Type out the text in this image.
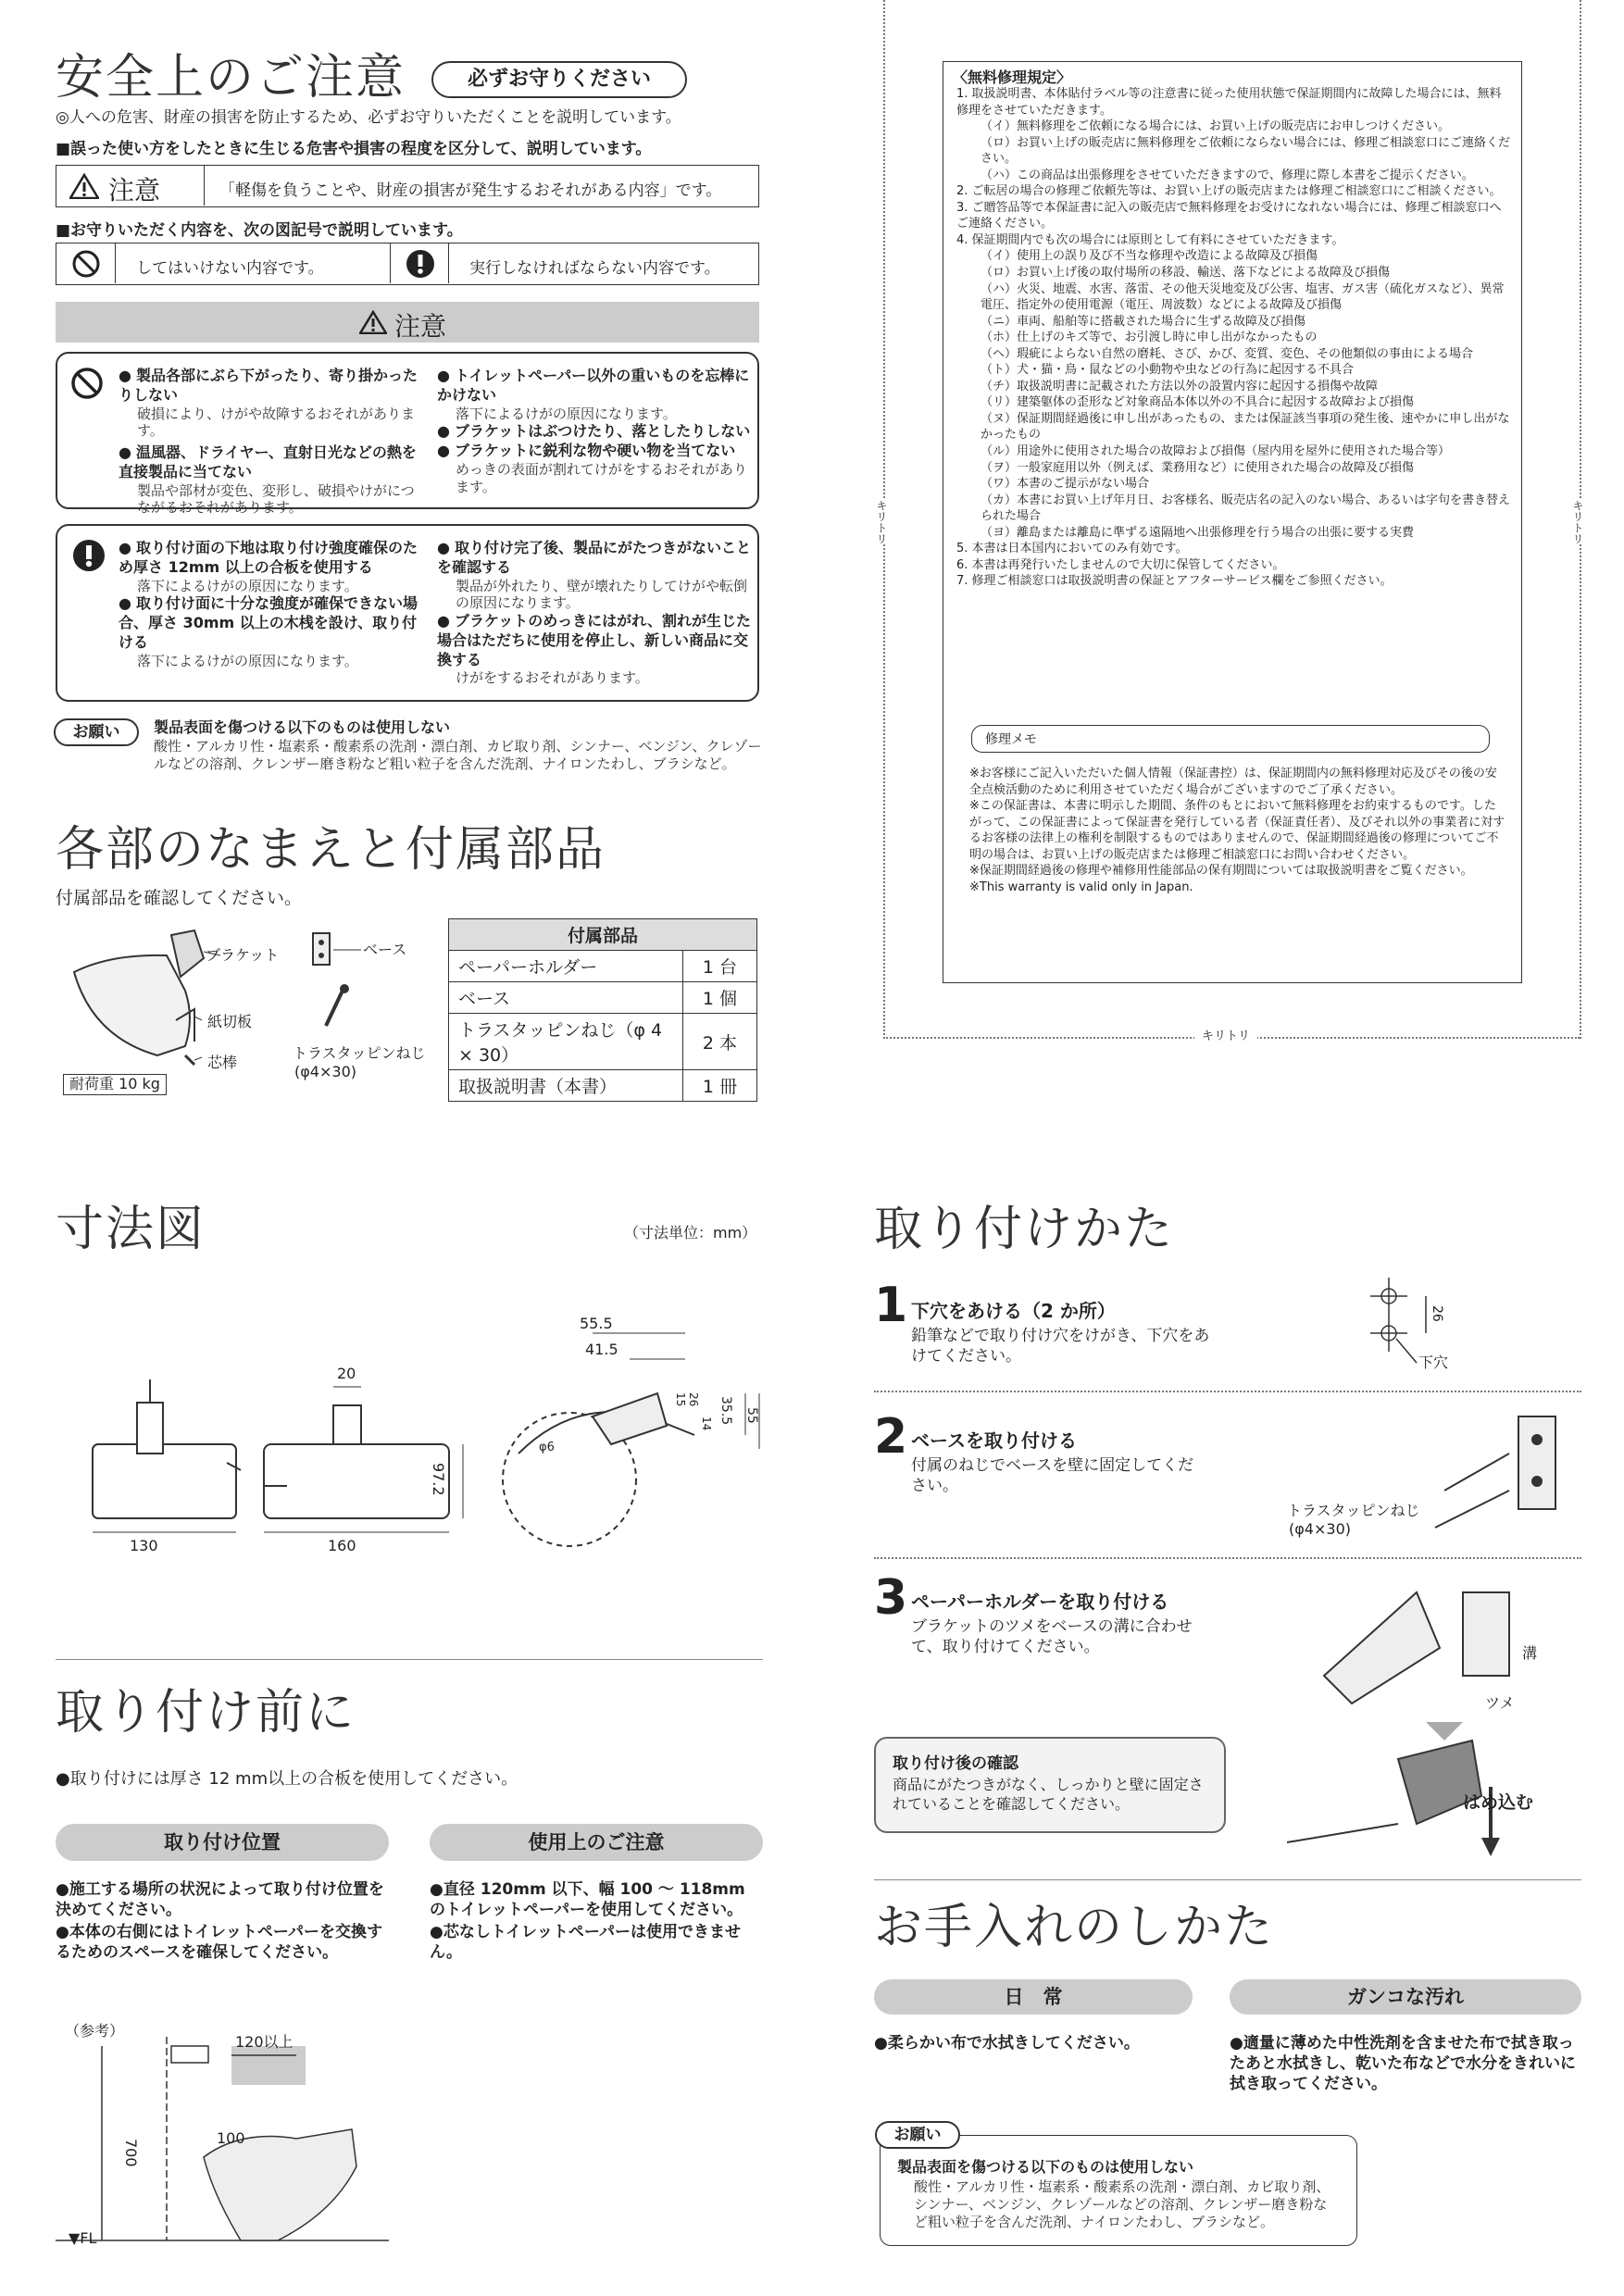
安全上のご注意	必ずお守りください
◎人への危害、財産の損害を防止するため、必ずお守りいただくことを説明しています。
■誤った使い方をしたときに生じる危害や損害の程度を区分して、説明しています。
注意	「軽傷を負うことや、財産の損害が発生するおそれがある内容」です。
■お守りいただく内容を、次の図記号で説明しています。
してはいけない内容です。	実行しなければならない内容です。
注意
● 製品各部にぶら下がったり、寄り掛かったりしない
破損により、けがや故障するおそれがあります。
● 温風器、ドライヤー、直射日光などの熱を直接製品に当てない
製品や部材が変色、変形し、破損やけがにつながるおそれがあります。
● トイレットペーパー以外の重いものを忘棒にかけない
落下によるけがの原因になります。
● ブラケットはぶつけたり、落としたりしない
● ブラケットに鋭利な物や硬い物を当てない
めっきの表面が割れてけがをするおそれがあります。
● 取り付け面の下地は取り付け強度確保のため厚さ 12mm 以上の合板を使用する
落下によるけがの原因になります。
● 取り付け面に十分な強度が確保できない場合、厚さ 30mm 以上の木桟を設け、取り付ける
落下によるけがの原因になります。
● 取り付け完了後、製品にがたつきがないことを確認する
製品が外れたり、壁が壊れたりしてけがや転倒の原因になります。
● ブラケットのめっきにはがれ、割れが生じた場合はただちに使用を停止し、新しい商品に交換する
けがをするおそれがあります。
お願い	製品表面を傷つける以下のものは使用しない
酸性・アルカリ性・塩素系・酸素系の洗剤・漂白剤、カビ取り剤、シンナー、ベンジン、クレゾールなどの溶剤、クレンザー磨き粉など粗い粒子を含んだ洗剤、ナイロンたわし、ブラシなど。
各部のなまえと付属部品
付属部品を確認してください。
ブラケット
紙切板
芯棒
ベース
トラスタッピンねじ
(φ4×30)
耐荷重 10 kg
付属部品	
ペーパーホルダー	1 台
ベース	1 個
トラスタッピンねじ（φ 4 × 30）	2 本
取扱説明書（本書）	1 冊
キリトリ
キリトリ	キリトリ
〈無料修理規定〉
1. 取扱説明書、本体貼付ラベル等の注意書に従った使用状態で保証期間内に故障した場合には、無料修理をさせていただきます。
（イ）無料修理をご依頼になる場合には、お買い上げの販売店にお申しつけください。
（ロ）お買い上げの販売店に無料修理をご依頼にならない場合には、修理ご相談窓口にご連絡ください。
（ハ）この商品は出張修理をさせていただきますので、修理に際し本書をご提示ください。
2. ご転居の場合の修理ご依頼先等は、お買い上げの販売店または修理ご相談窓口にご相談ください。
3. ご贈答品等で本保証書に記入の販売店で無料修理をお受けになれない場合には、修理ご相談窓口へご連絡ください。
4. 保証期間内でも次の場合には原則として有料にさせていただきます。
（イ）使用上の誤り及び不当な修理や改造による故障及び損傷
（ロ）お買い上げ後の取付場所の移設、輸送、落下などによる故障及び損傷
（ハ）火災、地震、水害、落雷、その他天災地変及び公害、塩害、ガス害（硫化ガスなど）、異常電圧、指定外の使用電源（電圧、周波数）などによる故障及び損傷
（ニ）車両、船舶等に搭載された場合に生ずる故障及び損傷
（ホ）仕上げのキズ等で、お引渡し時に申し出がなかったもの
（ヘ）瑕疵によらない自然の磨耗、さび、かび、変質、変色、その他類似の事由による場合
（ト）犬・猫・鳥・鼠などの小動物や虫などの行為に起因する不具合
（チ）取扱説明書に記載された方法以外の設置内容に起因する損傷や故障
（リ）建築躯体の歪形など対象商品本体以外の不具合に起因する故障および損傷
（ヌ）保証期間経過後に申し出があったもの、または保証該当事項の発生後、速やかに申し出がなかったもの
（ル）用途外に使用された場合の故障および損傷（屋内用を屋外に使用された場合等）
（ヲ）一般家庭用以外（例えば、業務用など）に使用された場合の故障及び損傷
（ワ）本書のご提示がない場合
（カ）本書にお買い上げ年月日、お客様名、販売店名の記入のない場合、あるいは字句を書き替えられた場合
（ヨ）離島または離島に準ずる遠隔地へ出張修理を行う場合の出張に要する実費
5. 本書は日本国内においてのみ有効です。
6. 本書は再発行いたしませんので大切に保管してください。
7. 修理ご相談窓口は取扱説明書の保証とアフターサービス欄をご参照ください。
修理メモ
※お客様にご記入いただいた個人情報（保証書控）は、保証期間内の無料修理対応及びその後の安全点検活動のために利用させていただく場合がございますのでご了承ください。
※この保証書は、本書に明示した期間、条件のもとにおいて無料修理をお約束するものです。したがって、この保証書によって保証書を発行している者（保証責任者）、及びそれ以外の事業者に対するお客様の法律上の権利を制限するものではありませんので、保証期間経過後の修理についてご不明の場合は、お買い上げの販売店または修理ご相談窓口にお問い合わせください。
※保証期間経過後の修理や補修用性能部品の保有期間については取扱説明書をご覧ください。
※This warranty is valid only in Japan.
寸法図	（寸法単位：mm）
130	160
20
97.2
55.5
41.5
35.5 55
14
26
15
φ6
取り付け前に
●取り付けには厚さ 12 mm以上の合板を使用してください。
取り付け位置	使用上のご注意
●施工する場所の状況によって取り付け位置を決めてください。
●本体の右側にはトイレットペーパーを交換するためのスペースを確保してください。
●直径 120mm 以下、幅 100 ～ 118mm のトイレットペーパーを使用してください。
●芯なしトイレットペーパーは使用できません。
（参考）
120以上
100
700
▼FL
取り付けかた
1 下穴をあける（2 か所）
鉛筆などで取り付け穴をけがき、下穴をあけてください。
26
下穴
2 ベースを取り付ける
付属のねじでベースを壁に固定してください。
トラスタッピンねじ
(φ4×30)
3 ペーパーホルダーを取り付ける
ブラケットのツメをベースの溝に合わせて、取り付けてください。	溝
ツメ
はめ込む
取り付け後の確認
商品にがたつきがなく、しっかりと壁に固定されていることを確認してください。
お手入れのしかた
日　常	ガンコな汚れ
●柔らかい布で水拭きしてください。	●適量に薄めた中性洗剤を含ませた布で拭き取ったあと水拭きし、乾いた布などで水分をきれいに拭き取ってください。
お願い
製品表面を傷つける以下のものは使用しない
酸性・アルカリ性・塩素系・酸素系の洗剤・漂白剤、カビ取り剤、シンナー、ベンジン、クレゾールなどの溶剤、クレンザー磨き粉など粗い粒子を含んだ洗剤、ナイロンたわし、ブラシなど。
